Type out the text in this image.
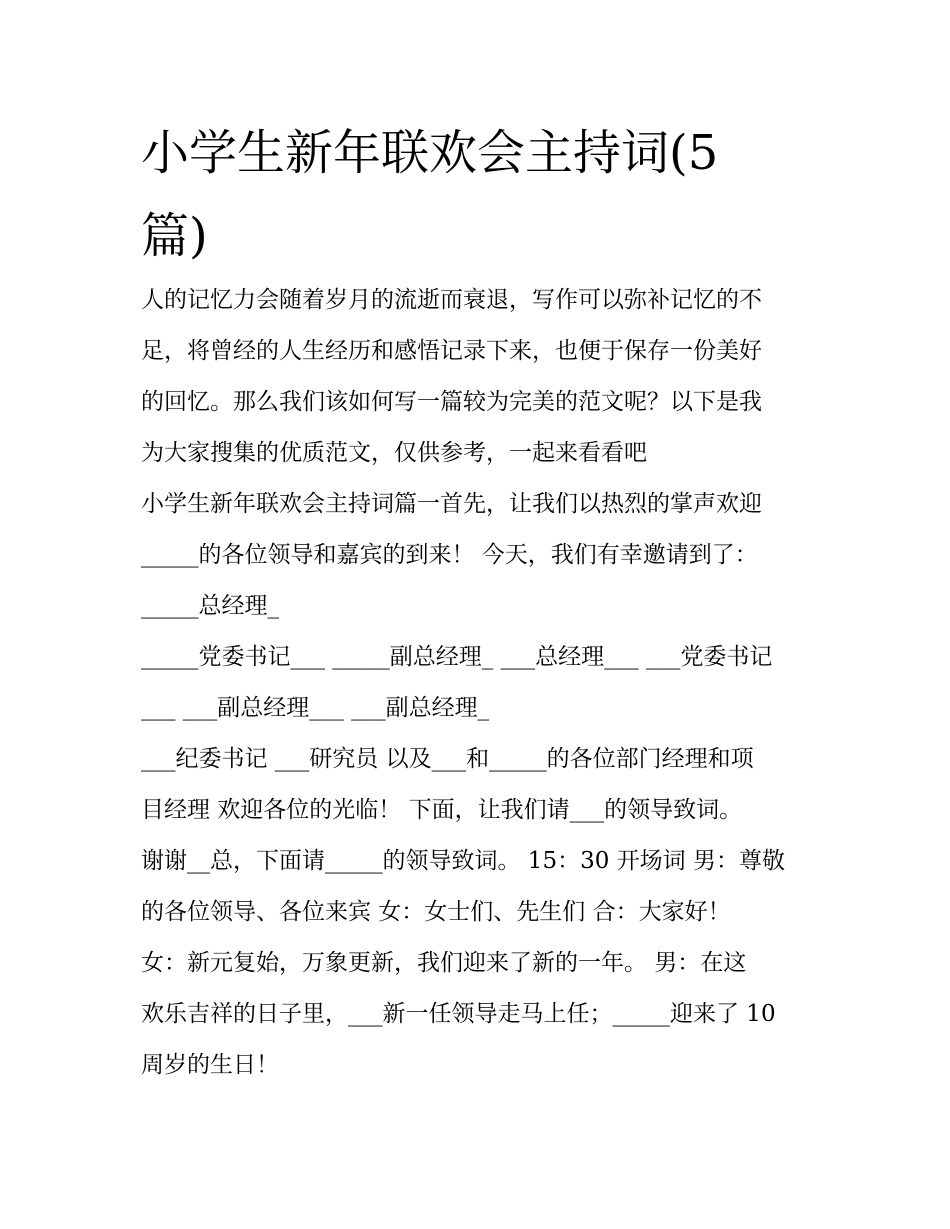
小学生新年联欢会主持词(5
篇)

人的记忆力会随着岁月的流逝而衰退，写作可以弥补记忆的不

足，将曾经的人生经历和感悟记录下来，也便于保存一份美好

的回忆。那么我们该如何写一篇较为完美的范文呢？以下是我

为大家搜集的优质范文，仅供参考，一起来看看吧

小学生新年联欢会主持词篇一首先，让我们以热烈的掌声欢迎

_____的各位领导和嘉宾的到来！ 今天，我们有幸邀请到了：

_____总经理_

_____党委书记___ _____副总经理_ ___总经理___ ___党委书记

___ ___副总经理___ ___副总经理_

___纪委书记 ___研究员 以及___和_____的各位部门经理和项

目经理 欢迎各位的光临！ 下面，让我们请___的领导致词。

谢谢__总，下面请_____的领导致词。 15：30 开场词 男：尊敬

的各位领导、各位来宾 女：女士们、先生们 合：大家好！

女：新元复始，万象更新，我们迎来了新的一年。 男：在这

欢乐吉祥的日子里，___新一任领导走马上任；_____迎来了 10

周岁的生日！
